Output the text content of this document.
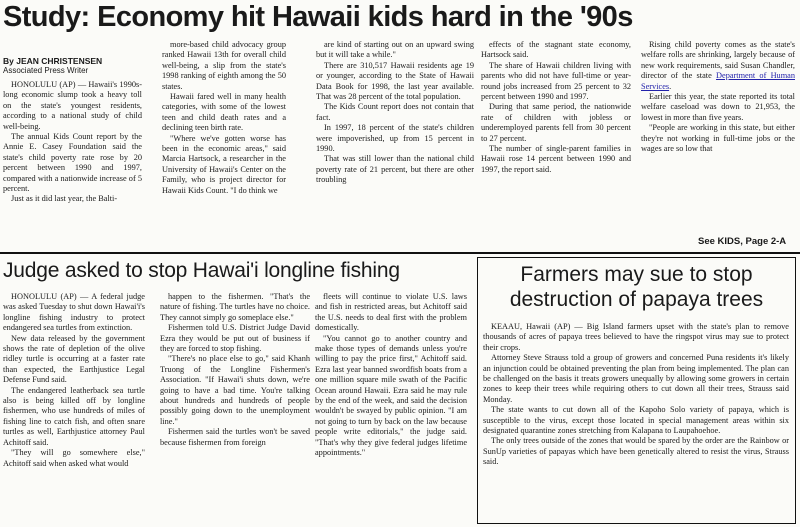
Study: Economy hit Hawaii kids hard in the '90s
By JEAN CHRISTENSEN
Associated Press Writer

HONOLULU (AP) — Hawaii's 1990s-long economic slump took a heavy toll on the state's youngest residents, according to a national study of child well-being.

The annual Kids Count report by the Annie E. Casey Foundation said the state's child poverty rate rose by 20 percent between 1990 and 1997, compared with a nationwide increase of 5 percent.

Just as it did last year, the Balti-

more-based child advocacy group ranked Hawaii 13th for overall child well-being, a slip from the state's 1998 ranking of eighth among the 50 states.

Hawaii fared well in many health categories, with some of the lowest teen and child death rates and a declining teen birth rate.

"Where we've gotten worse has been in the economic areas," said Marcia Hartsock, a researcher in the University of Hawaii's Center on the Family, who is project director for Hawaii Kids Count. "I do think we

are kind of starting out on an upward swing but it will take a while."

There are 310,517 Hawaii residents age 19 or younger, according to the State of Hawaii Data Book for 1998, the last year available. That was 28 percent of the total population.

The Kids Count report does not contain that fact.

In 1997, 18 percent of the state's children were impoverished, up from 15 percent in 1990.

That was still lower than the national child poverty rate of 21 percent, but there are other troubling

effects of the stagnant state economy, Hartsock said.

The share of Hawaii children living with parents who did not have full-time or year-round jobs increased from 25 percent to 32 percent between 1990 and 1997.

During that same period, the nationwide rate of children with jobless or underemployed parents fell from 30 percent to 27 percent.

The number of single-parent families in Hawaii rose 14 percent between 1990 and 1997, the report said.

Rising child poverty comes as the state's welfare rolls are shrinking, largely because of new work requirements, said Susan Chandler, director of the state Department of Human Services.

Earlier this year, the state reported its total welfare caseload was down to 21,953, the lowest in more than five years.

"People are working in this state, but either they're not working in full-time jobs or the wages are so low that

See KIDS, Page 2-A
Judge asked to stop Hawai'i longline fishing

HONOLULU (AP) — A federal judge was asked Tuesday to shut down Hawai'i's longline fishing industry to protect endangered sea turtles from extinction.

New data released by the government shows the rate of depletion of the olive ridley turtle is occurring at a faster rate than expected, the Earthjustice Legal Defense Fund said.

The endangered leatherback sea turtle also is being killed off by longline fishermen, who use hundreds of miles of fishing line to catch fish, and often snare turtles as well, Earthjustice attorney Paul Achitoff said.

"They will go somewhere else," Achitoff said when asked what would

happen to the fishermen. "That's the nature of fishing. The turtles have no choice. They cannot simply go someplace else."

Fishermen told U.S. District Judge David Ezra they would be put out of business if they are forced to stop fishing.

"There's no place else to go," said Khanh Truong of the Longline Fishermen's Association. "If Hawai'i shuts down, we're going to have a bad time. You're talking about hundreds and hundreds of people possibly going down to the unemployment line."

Fishermen said the turtles won't be saved because fishermen from foreign

fleets will continue to violate U.S. laws and fish in restricted areas, but Achitoff said the U.S. needs to deal first with the problem domestically.

"You cannot go to another country and make those types of demands unless you're willing to pay the price first," Achitoff said. Ezra last year banned swordfish boats from a one million square mile swath of the Pacific Ocean around Hawaii. Ezra said he may rule by the end of the week, and said the decision wouldn't be swayed by public opinion. "I am not going to turn by back on the law because people write editorials," the judge said. "That's why they give federal judges lifetime appointments."

Farmers may sue to stop
destruction of papaya trees

KEAAU, Hawaii (AP) — Big Island farmers upset with the state's plan to remove thousands of acres of papaya trees believed to have the ringspot virus may sue to protect their crops.

Attorney Steve Strauss told a group of growers and concerned Puna residents it's likely an injunction could be obtained preventing the plan from being implemented. The plan can be challenged on the basis it treats growers unequally by allowing some growers in certain zones to keep their trees while requiring others to cut down all their trees, Strauss said Monday.

The state wants to cut down all of the Kapoho Solo variety of papaya, which is susceptible to the virus, except those located in special management areas within six designated quarantine zones stretching from Kalapana to Laupahoehoe.

The only trees outside of the zones that would be spared by the order are the Rainbow or SunUp varieties of papayas which have been genetically altered to resist the virus, Strauss said.
